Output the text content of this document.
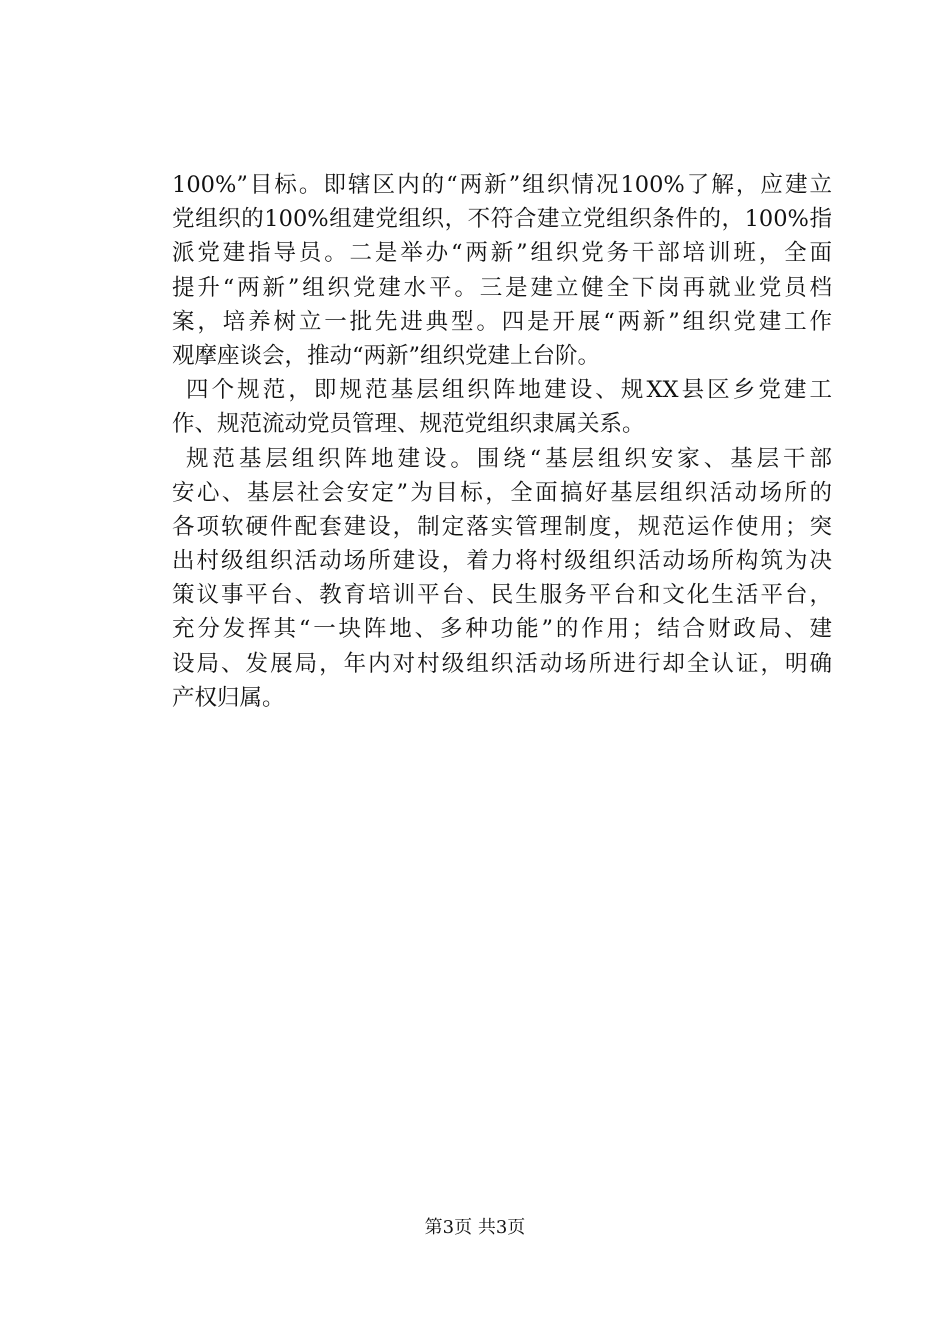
100%”目标。即辖区内的“两新”组织情况100%了解，应建立
党组织的100%组建党组织，不符合建立党组织条件的，100%指
派党建指导员。二是举办“两新”组织党务干部培训班，全面
提升“两新”组织党建水平。三是建立健全下岗再就业党员档
案，培养树立一批先进典型。四是开展“两新”组织党建工作
观摩座谈会，推动“两新”组织党建上台阶。
四个规范，即规范基层组织阵地建设、规XX县区乡党建工
作、规范流动党员管理、规范党组织隶属关系。
规范基层组织阵地建设。围绕“基层组织安家、基层干部
安心、基层社会安定”为目标，全面搞好基层组织活动场所的
各项软硬件配套建设，制定落实管理制度，规范运作使用；突
出村级组织活动场所建设，着力将村级组织活动场所构筑为决
策议事平台、教育培训平台、民生服务平台和文化生活平台，
充分发挥其“一块阵地、多种功能”的作用；结合财政局、建
设局、发展局，年内对村级组织活动场所进行却全认证，明确
产权归属。
第3页 共3页
